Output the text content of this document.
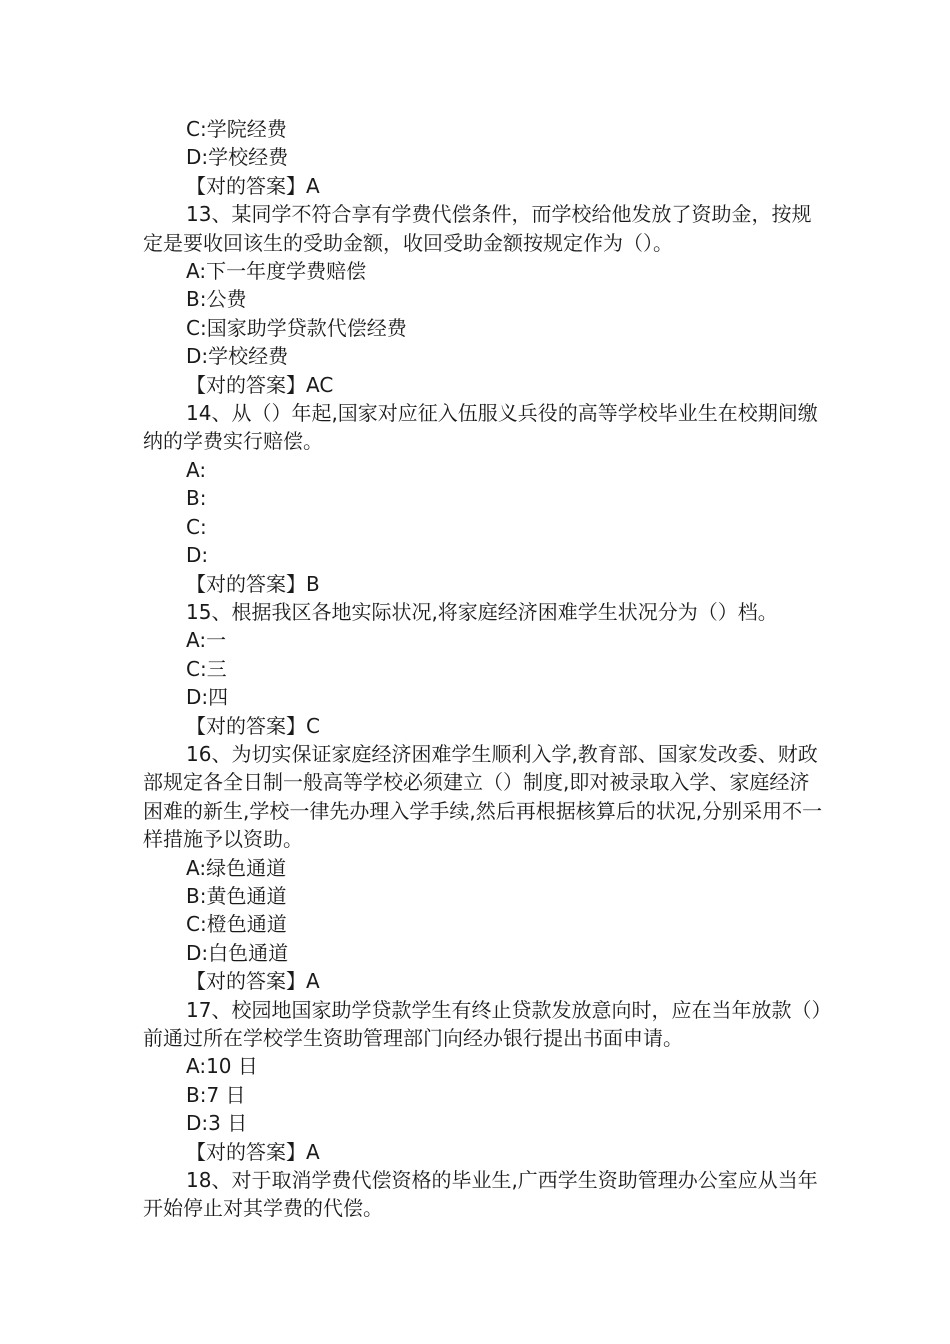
C:学院经费
D:学校经费
【对的答案】A
13、某同学不符合享有学费代偿条件，而学校给他发放了资助金，按规定是要收回该生的受助金额，收回受助金额按规定作为（）。
A:下一年度学费赔偿
B:公费
C:国家助学贷款代偿经费
D:学校经费
【对的答案】AC
14、从（）年起,国家对应征入伍服义兵役的高等学校毕业生在校期间缴纳的学费实行赔偿。
A:
B:
C:
D:
【对的答案】B
15、根据我区各地实际状况,将家庭经济困难学生状况分为（）档。
A:一
C:三
D:四
【对的答案】C
16、为切实保证家庭经济困难学生顺利入学,教育部、国家发改委、财政部规定各全日制一般高等学校必须建立（）制度,即对被录取入学、家庭经济困难的新生,学校一律先办理入学手续,然后再根据核算后的状况,分别采用不一样措施予以资助。
A:绿色通道
B:黄色通道
C:橙色通道
D:白色通道
【对的答案】A
17、校园地国家助学贷款学生有终止贷款发放意向时，应在当年放款（）前通过所在学校学生资助管理部门向经办银行提出书面申请。
A:10 日
B:7 日
D:3 日
【对的答案】A
18、对于取消学费代偿资格的毕业生,广西学生资助管理办公室应从当年开始停止对其学费的代偿。
